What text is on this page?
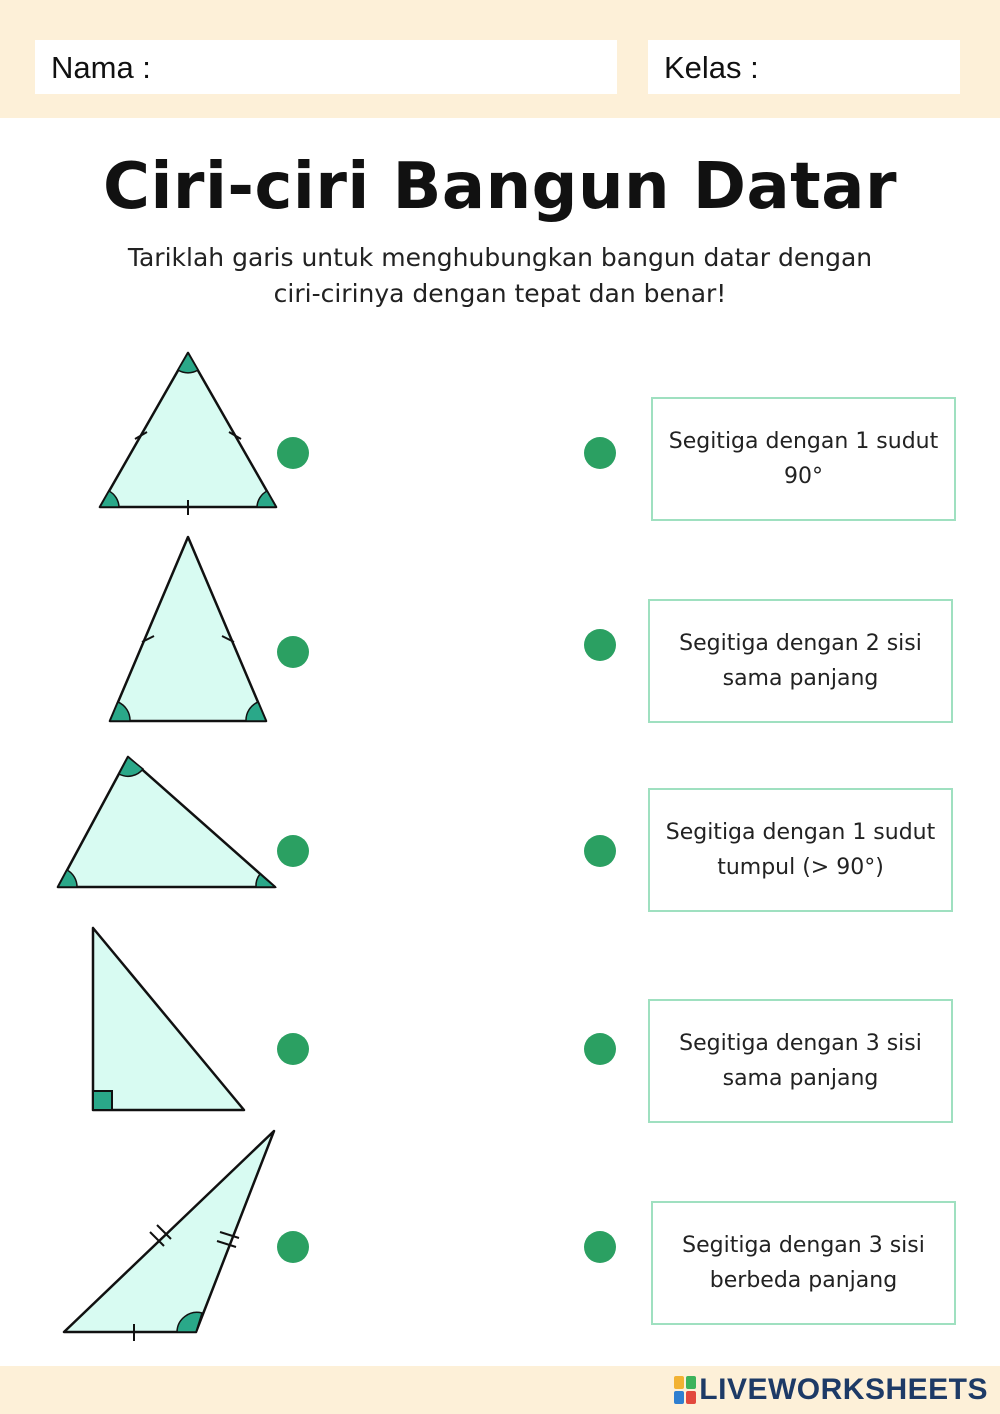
Nama :	Kelas :
Ciri-ciri Bangun Datar
Tariklah garis untuk menghubungkan bangun datar dengan
ciri-cirinya dengan tepat dan benar!
Segitiga dengan 1 sudut
90°
Segitiga dengan 2 sisi
sama panjang
Segitiga dengan 1 sudut
tumpul (> 90°)
Segitiga dengan 3 sisi
sama panjang
Segitiga dengan 3 sisi
berbeda panjang
LIVEWORKSHEETS
